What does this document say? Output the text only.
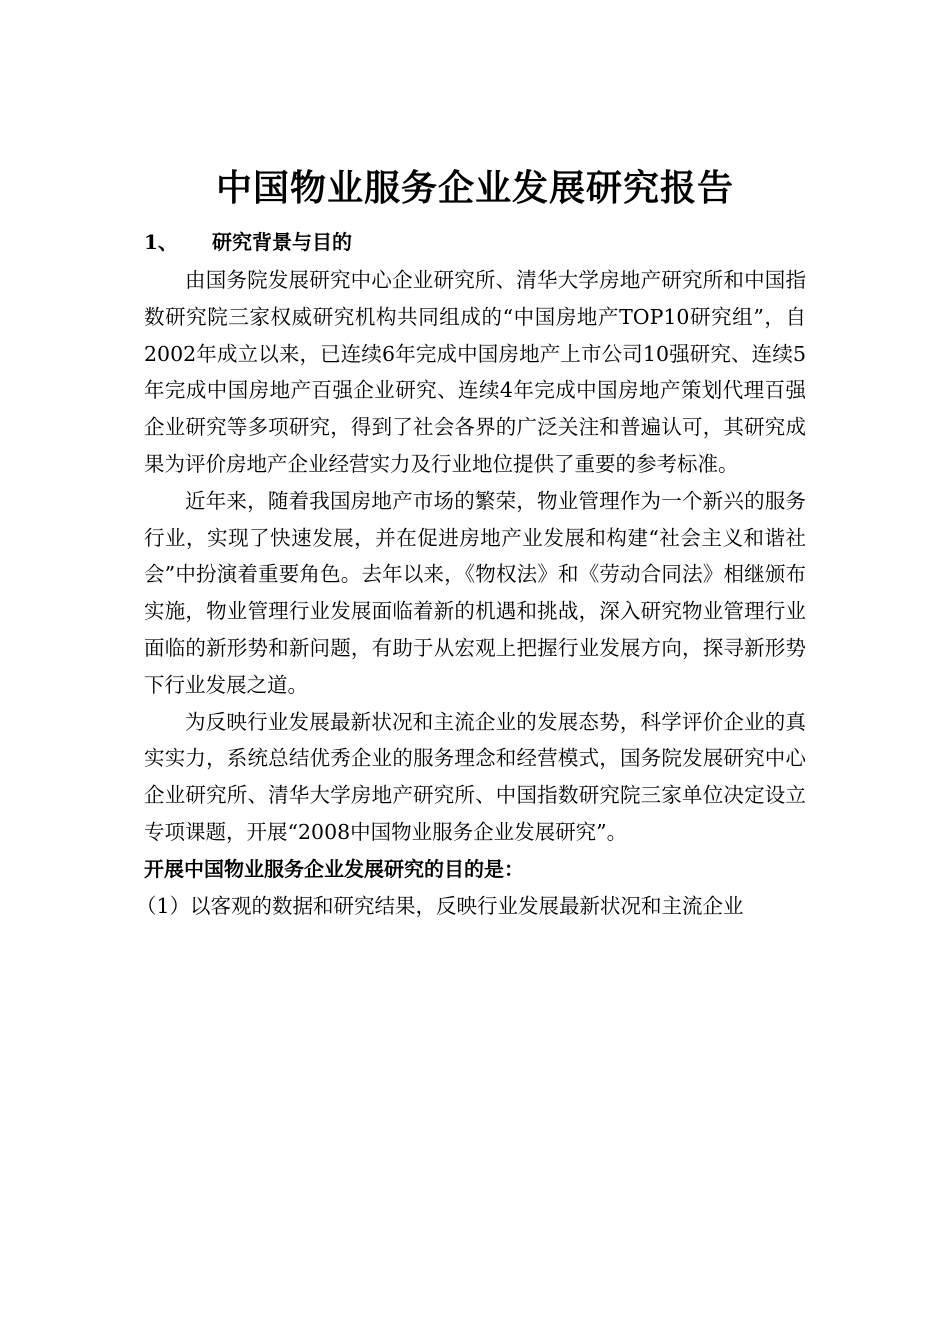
中国物业服务企业发展研究报告
1、	研究背景与目的

由国务院发展研究中心企业研究所、清华大学房地产研究所和中国指数研究院三家权威研究机构共同组成的“中国房地产TOP10研究组”，自2002年成立以来，已连续6年完成中国房地产上市公司10强研究、连续5年完成中国房地产百强企业研究、连续4年完成中国房地产策划代理百强企业研究等多项研究，得到了社会各界的广泛关注和普遍认可，其研究成果为评价房地产企业经营实力及行业地位提供了重要的参考标准。

近年来，随着我国房地产市场的繁荣，物业管理作为一个新兴的服务行业，实现了快速发展，并在促进房地产业发展和构建“社会主义和谐社会”中扮演着重要角色。去年以来，《物权法》和《劳动合同法》相继颁布实施，物业管理行业发展面临着新的机遇和挑战，深入研究物业管理行业面临的新形势和新问题，有助于从宏观上把握行业发展方向，探寻新形势下行业发展之道。

为反映行业发展最新状况和主流企业的发展态势，科学评价企业的真实实力，系统总结优秀企业的服务理念和经营模式，国务院发展研究中心企业研究所、清华大学房地产研究所、中国指数研究院三家单位决定设立专项课题，开展“2008中国物业服务企业发展研究”。

开展中国物业服务企业发展研究的目的是：

（1）以客观的数据和研究结果，反映行业发展最新状况和主流企业
